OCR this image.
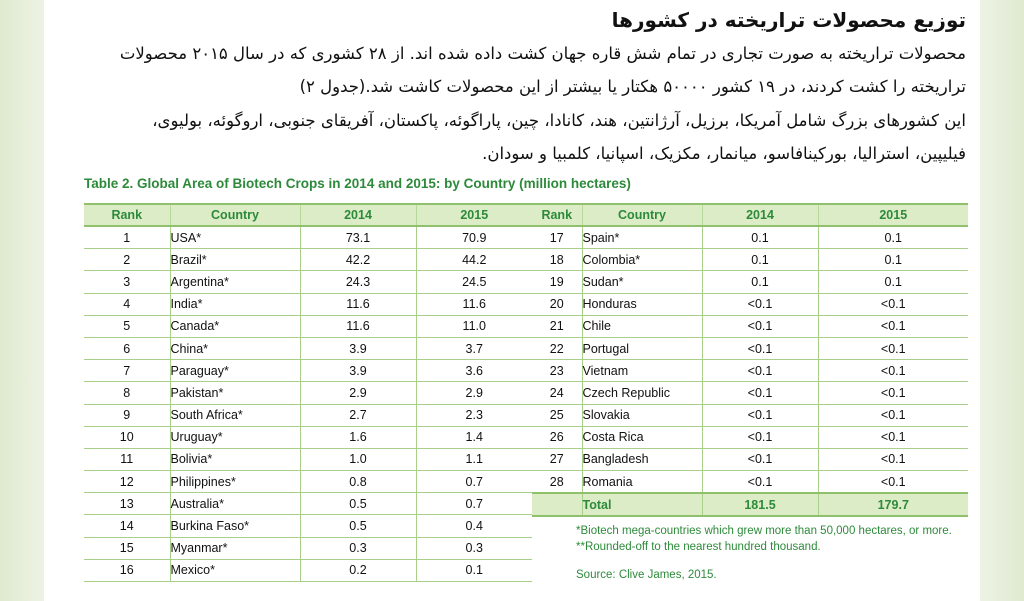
توزیع محصولات تراریخته در کشورها
محصولات تراریخته به صورت تجاری در تمام شش قاره جهان کشت داده شده اند. از ۲۸ کشوری که در سال ۲۰۱۵ محصولات
تراریخته را کشت کردند، در ۱۹ کشور ۵۰۰۰۰ هکتار یا بیشتر از این محصولات کاشت شد.(جدول ۲)
این کشورهای بزرگ شامل آمریکا، برزیل، آرژانتین، هند، کانادا، چین، پاراگوئه، پاکستان، آفریقای جنوبی، اروگوئه، بولیوی،
فیلیپین، استرالیا، بورکینافاسو، میانمار، مکزیک، اسپانیا، کلمبیا و سودان.
Table 2. Global Area of Biotech Crops in 2014 and 2015: by Country (million hectares)
Rank	Country	2014	2015
1	USA*	73.1	70.9
2	Brazil*	42.2	44.2
3	Argentina*	24.3	24.5
4	India*	11.6	11.6
5	Canada*	11.6	11.0
6	China*	3.9	3.7
7	Paraguay*	3.9	3.6
8	Pakistan*	2.9	2.9
9	South Africa*	2.7	2.3
10	Uruguay*	1.6	1.4
11	Bolivia*	1.0	1.1
12	Philippines*	0.8	0.7
13	Australia*	0.5	0.7
14	Burkina Faso*	0.5	0.4
15	Myanmar*	0.3	0.3
16	Mexico*	0.2	0.1
Rank	Country	2014	2015
17	Spain*	0.1	0.1
18	Colombia*	0.1	0.1
19	Sudan*	0.1	0.1
20	Honduras	<0.1	<0.1
21	Chile	<0.1	<0.1
22	Portugal	<0.1	<0.1
23	Vietnam	<0.1	<0.1
24	Czech Republic	<0.1	<0.1
25	Slovakia	<0.1	<0.1
26	Costa Rica	<0.1	<0.1
27	Bangladesh	<0.1	<0.1
28	Romania	<0.1	<0.1
	Total	181.5	179.7
*Biotech mega-countries which grew more than 50,000 hectares, or more.
**Rounded-off to the nearest hundred thousand.
Source: Clive James, 2015.
